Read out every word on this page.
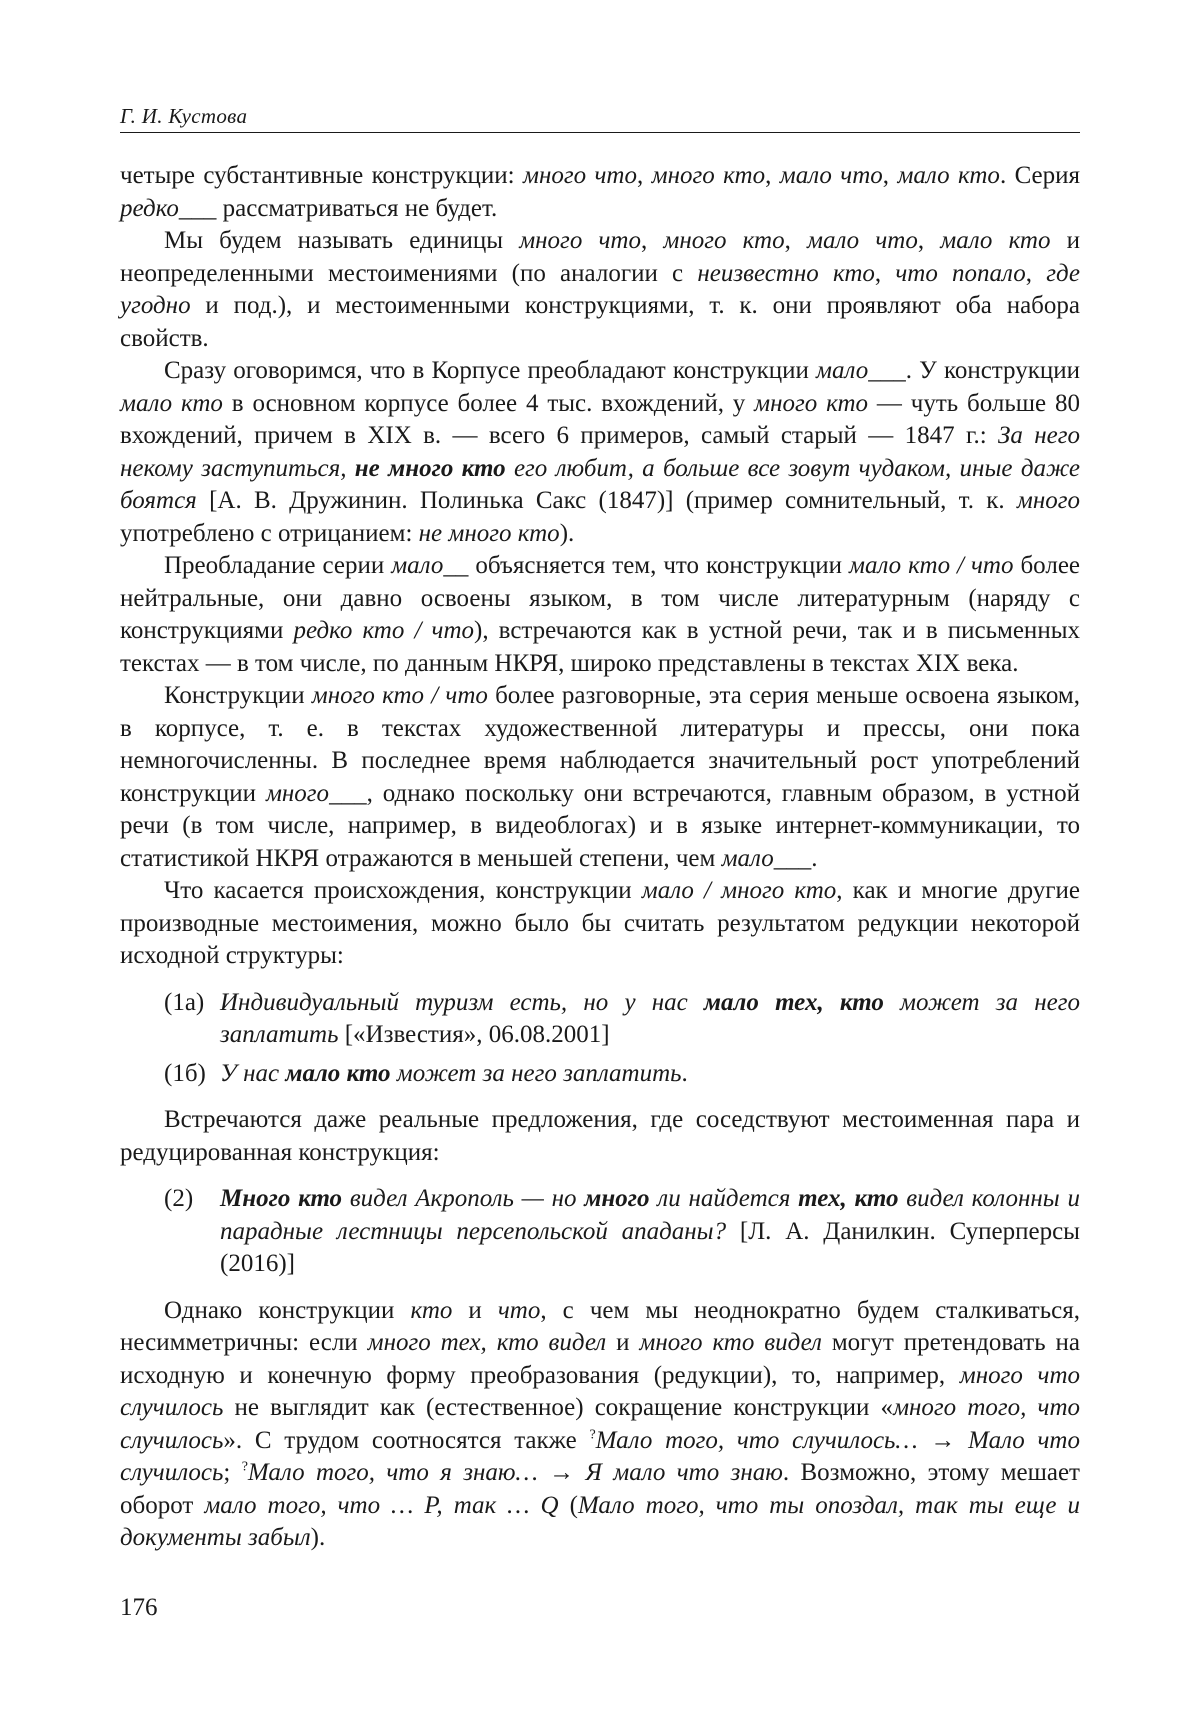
Г. И. Кустова

четыре субстантивные конструкции: много что, много кто, мало что, мало кто. Серия редко___ рассматриваться не будет.

Мы будем называть единицы много что, много кто, мало что, мало кто и неопределенными местоимениями (по аналогии с неизвестно кто, что попало, где угодно и под.), и местоименными конструкциями, т. к. они проявляют оба набора свойств.

Сразу оговоримся, что в Корпусе преобладают конструкции мало___. У конструкции мало кто в основном корпусе более 4 тыс. вхождений, у много кто — чуть больше 80 вхождений, причем в XIX в. — всего 6 примеров, самый старый — 1847 г.: За него некому заступиться, не много кто его любит, а больше все зовут чудаком, иные даже боятся [А. В. Дружинин. Полинька Сакс (1847)] (пример сомнительный, т. к. много употреблено с отрицанием: не много кто).

Преобладание серии мало__ объясняется тем, что конструкции мало кто / что более нейтральные, они давно освоены языком, в том числе литературным (наряду с конструкциями редко кто / что), встречаются как в устной речи, так и в письменных текстах — в том числе, по данным НКРЯ, широко представлены в текстах XIX века.

Конструкции много кто / что более разговорные, эта серия меньше освоена языком, в корпусе, т. е. в текстах художественной литературы и прессы, они пока немногочисленны. В последнее время наблюдается значительный рост употреблений конструкции много___, однако поскольку они встречаются, главным образом, в устной речи (в том числе, например, в видеоблогах) и в языке интернет-коммуникации, то статистикой НКРЯ отражаются в меньшей степени, чем мало___.

Что касается происхождения, конструкции мало / много кто, как и многие другие производные местоимения, можно было бы считать результатом редукции некоторой исходной структуры:

(1а) Индивидуальный туризм есть, но у нас мало тех, кто может за него заплатить [«Известия», 06.08.2001]
(1б) У нас мало кто может за него заплатить.

Встречаются даже реальные предложения, где соседствуют местоименная пара и редуцированная конструкция:

(2)	Много кто видел Акрополь — но много ли найдется тех, кто видел колонны и парадные лестницы персепольской ападаны? [Л. А. Данилкин. Суперперсы (2016)]

Однако конструкции кто и что, с чем мы неоднократно будем сталкиваться, несимметричны: если много тех, кто видел и много кто видел могут претендовать на исходную и конечную форму преобразования (редукции), то, например, много что случилось не выглядит как (естественное) сокращение конструкции «много того, что случилось». С трудом соотносятся также ?Мало того, что случилось… → Мало что случилось; ?Мало того, что я знаю… → Я мало что знаю. Возможно, этому мешает оборот мало того, что … P, так … Q (Мало того, что ты опоздал, так ты еще и документы забыл).

176
